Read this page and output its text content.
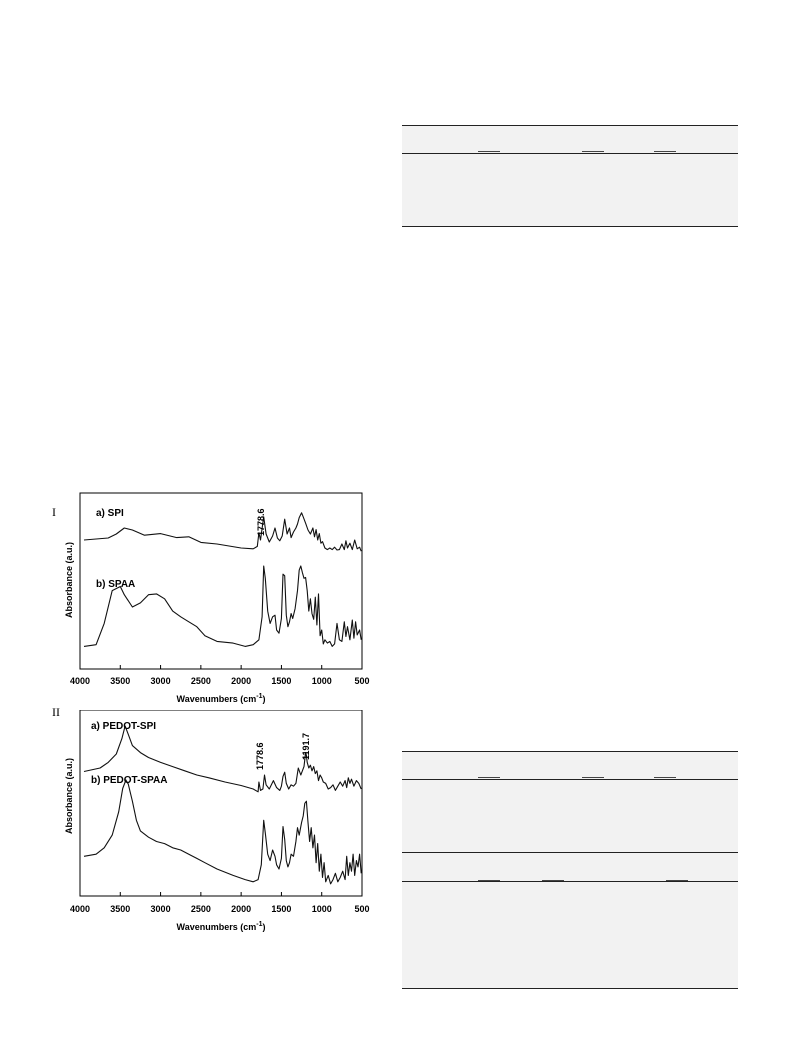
I
II
4000 3500 3000 2500 2000 1500 1000	500
a) SPI
b) SPAA
1778.6
Absorbance (a.u.)
Wavenumbers $(cm^{-1})$
4000 3500 3000 2500 2000 1500 1000	500
a) PEDOT-SPI
b) PEDOT-SPAA
1778.6	1191.7
Absorbance (a.u.)
Wavenumbers $(cm^{-1})$
